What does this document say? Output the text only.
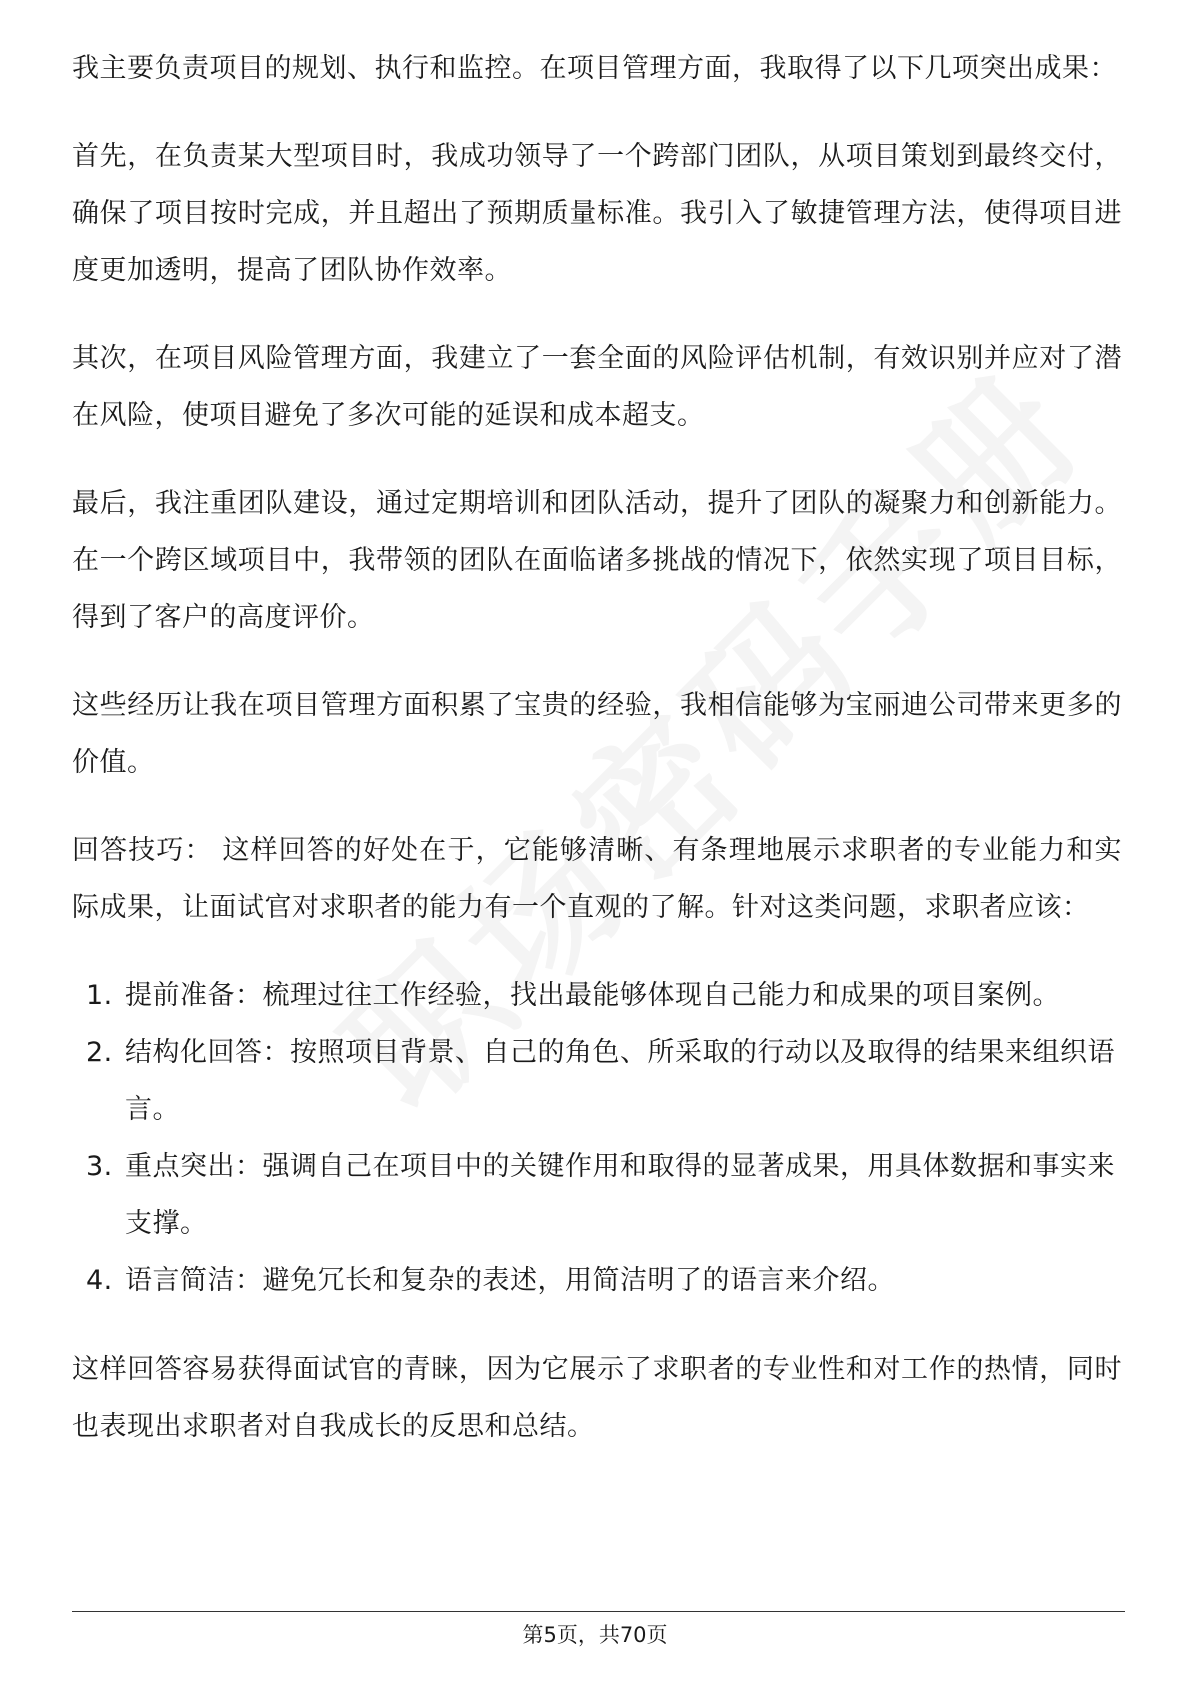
我主要负责项目的规划、执行和监控。在项目管理方面，我取得了以下几项突出成果：

首先，在负责某大型项目时，我成功领导了一个跨部门团队，从项目策划到最终交付，确保了项目按时完成，并且超出了预期质量标准。我引入了敏捷管理方法，使得项目进度更加透明，提高了团队协作效率。

其次，在项目风险管理方面，我建立了一套全面的风险评估机制，有效识别并应对了潜在风险，使项目避免了多次可能的延误和成本超支。

最后，我注重团队建设，通过定期培训和团队活动，提升了团队的凝聚力和创新能力。在一个跨区域项目中，我带领的团队在面临诸多挑战的情况下，依然实现了项目目标，得到了客户的高度评价。

这些经历让我在项目管理方面积累了宝贵的经验，我相信能够为宝丽迪公司带来更多的价值。

回答技巧： 这样回答的好处在于，它能够清晰、有条理地展示求职者的专业能力和实际成果，让面试官对求职者的能力有一个直观的了解。针对这类问题，求职者应该：

1. 提前准备：梳理过往工作经验，找出最能够体现自己能力和成果的项目案例。
2. 结构化回答：按照项目背景、自己的角色、所采取的行动以及取得的结果来组织语言。
3. 重点突出：强调自己在项目中的关键作用和取得的显著成果，用具体数据和事实来支撑。
4. 语言简洁：避免冗长和复杂的表述，用简洁明了的语言来介绍。

这样回答容易获得面试官的青睐，因为它展示了求职者的专业性和对工作的热情，同时也表现出求职者对自我成长的反思和总结。

第5页，共70页
